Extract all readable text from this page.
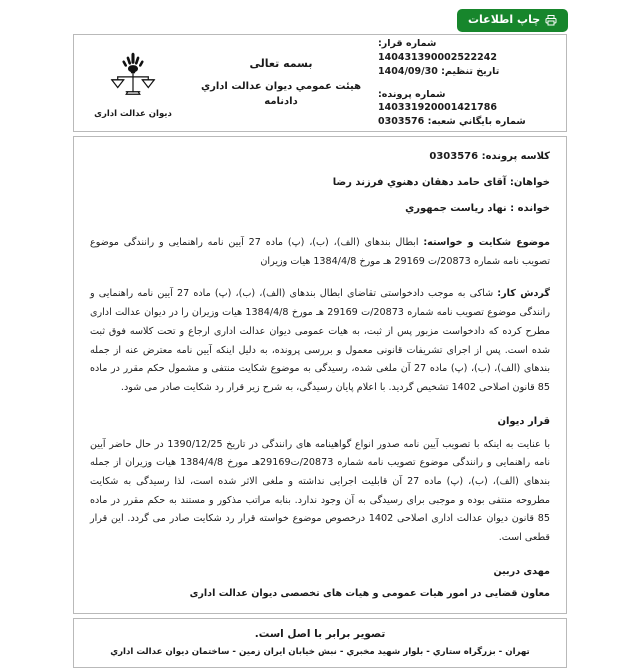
چاپ اطلاعات
دیوان عدالت اداری
بسمه تعالی
هیئت عمومي ديوان عدالت اداري
دادنامه
شماره قرار:
140431390002522242
تاریخ تنظیم: 1404/09/30
شماره پرونده:
140331920001421786
شماره بایگاني شعبه: 0303576
کلاسه پرونده: 0303576
خواهان: آقای حامد دهقان دهنوي فرزند رضا
خوانده : نهاد رياست جمهوري

موضوع شکایت و خواسته: ابطال بندهای (الف)، (ب)، (پ) ماده 27 آیین نامه راهنمایی و رانندگی موضوع تصویب نامه شماره 20873/ت 29169 هـ مورخ 1384/4/8 هیات وزیران

گردش کار: شاکی به موجب دادخواستی تقاضای ابطال بندهای (الف)، (ب)، (پ) ماده 27 آیین نامه راهنمایی و رانندگی موضوع تصویب نامه شماره 20873/ت 29169 هـ مورخ 1384/4/8 هیات وزیران را در دیوان عدالت اداری مطرح کرده که دادخواست مزبور پس از ثبت، به هیات عمومی دیوان عدالت اداری ارجاع و تحت کلاسه فوق ثبت شده است. پس از اجرای تشریفات قانونی معمول و بررسی پرونده، به دلیل اینکه آیین نامه معترض عنه از جمله بندهای (الف)، (ب)، (پ) ماده 27 آن ملغی شده، رسیدگی به موضوع شکایت منتفی و مشمول حکم مقرر در ماده 85 قانون اصلاحی 1402 تشخیص گردید. با اعلام پایان رسیدگی، به شرح زیر قرار رد شکایت صادر می شود.

قرار دیوان

با عنایت به اینکه با تصویب آیین نامه صدور انواع گواهینامه های رانندگی در تاریخ 1390/12/25 در حال حاضر آیین نامه راهنمایی و رانندگی موضوع تصویب نامه شماره 20873/ت29169هـ مورخ 1384/4/8 هیات وزیران از جمله بندهای (الف)، (ب)، (پ) ماده 27 آن قابلیت اجرایی نداشته و ملغی الاثر شده است، لذا رسیدگی به شکایت مطروحه منتفی بوده و موجبی برای رسیدگی به آن وجود ندارد. بنابه مراتب مذکور و مستند به حکم مقرر در ماده 85 قانون دیوان عدالت اداری اصلاحی 1402 درخصوص موضوع خواسته قرار رد شکایت صادر می گردد. این قرار قطعی است.

مهدی دربین
معاون قضایی در امور هیات عمومی و هیات های تخصصی دیوان عدالت اداری
تصویر برابر با اصل است.
تهران - بزرگراه ستاري - بلوار شهيد مخبري - نبش خيابان ايران زمين - ساختمان ديوان عدالت اداري
